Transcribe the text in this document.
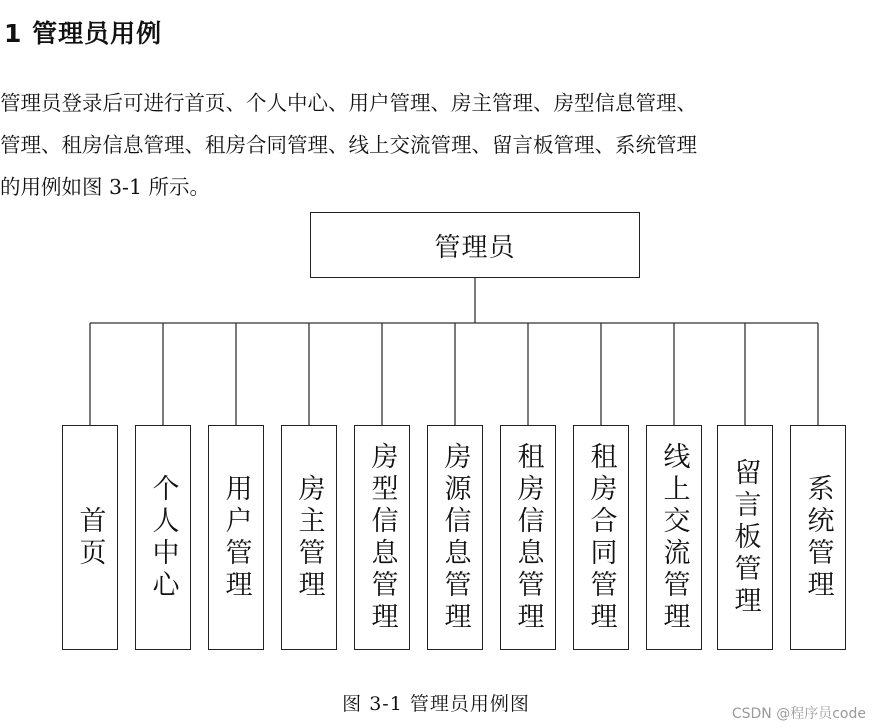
1 管理员用例
管理员登录后可进行首页、个人中心、用户管理、房主管理、房型信息管理、
管理、租房信息管理、租房合同管理、线上交流管理、留言板管理、系统管理
的用例如图 3-1 所示。
管理员
首页 个人中心 用户管理 房主管理 房型信息管理 房源信息管理 租房信息管理 租房合同管理 线上交流管理 留言板管理 系统管理
图 3-1 管理员用例图	CSDN @程序员code
